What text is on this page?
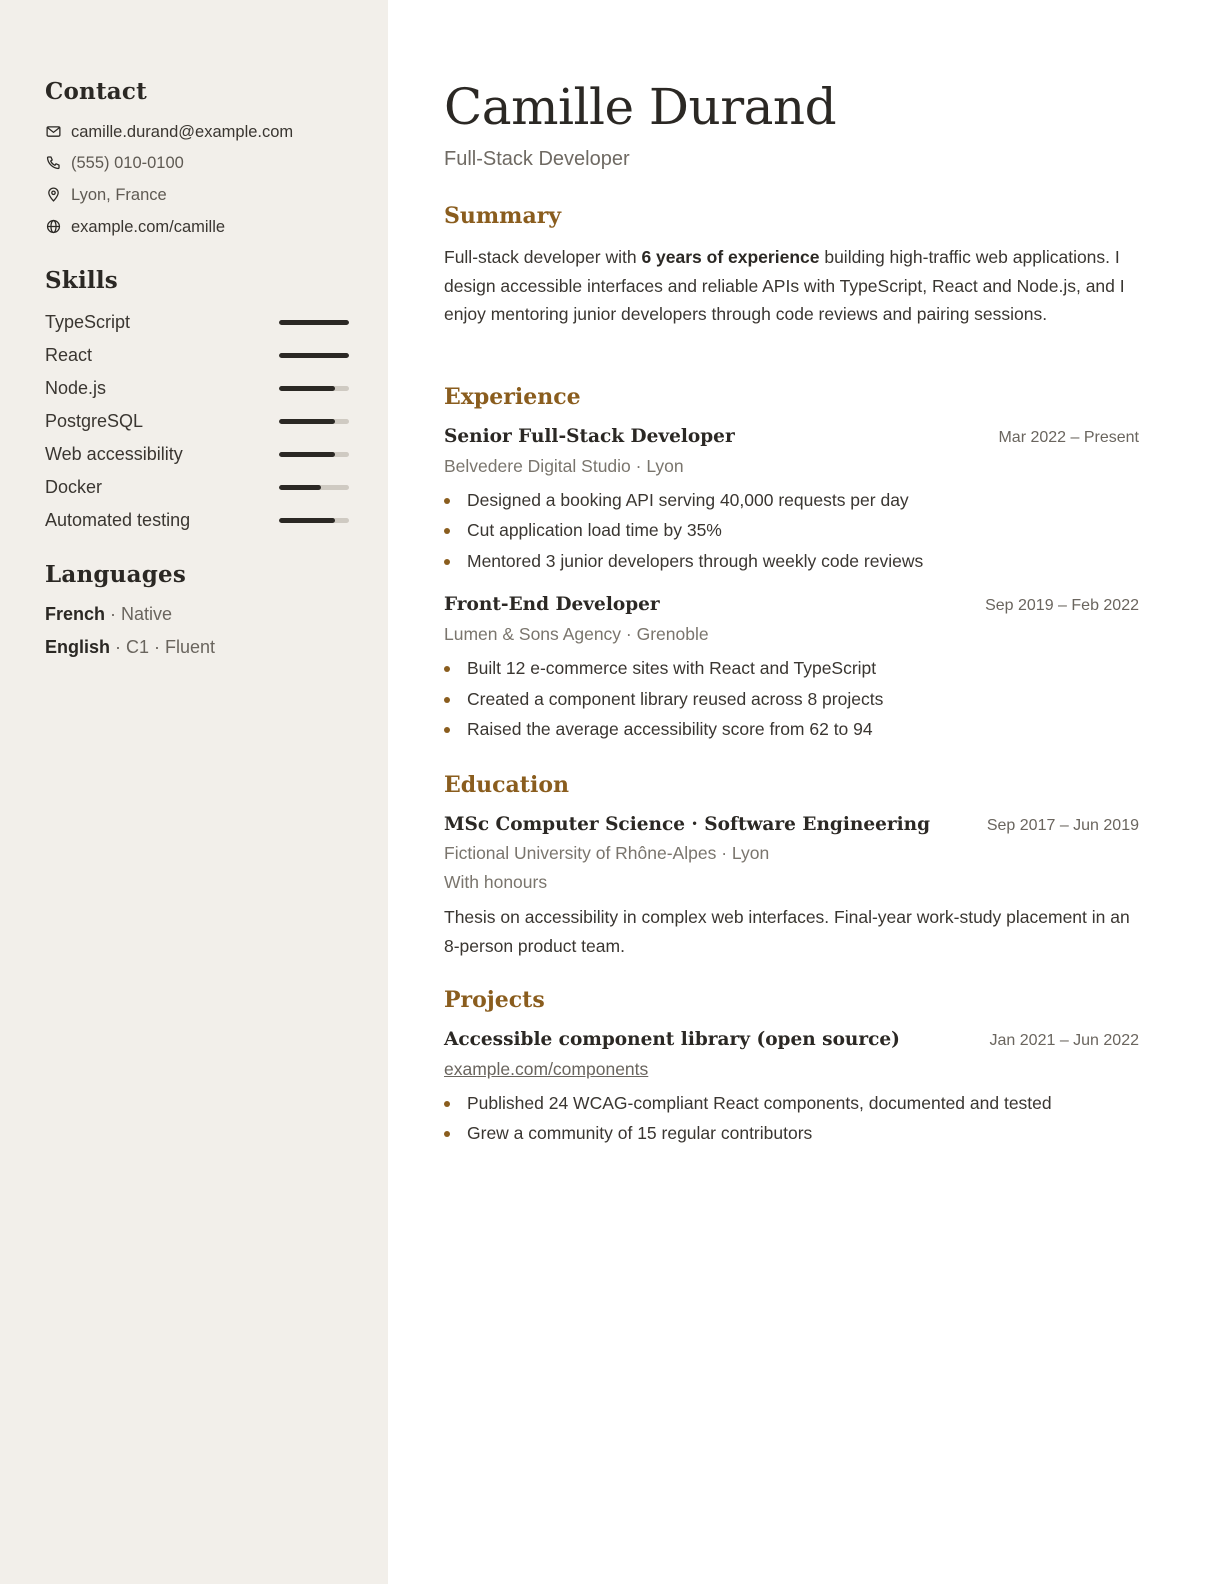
Contact
camille.durand@example.com
(555) 010-0100
Lyon, France
example.com/camille
Skills
TypeScript
React
Node.js
PostgreSQL
Web accessibility
Docker
Automated testing
Languages
French · Native
English · C1 · Fluent
Camille Durand
Full-Stack Developer
Summary

Full-stack developer with 6 years of experience building high-traffic web applications. I design accessible interfaces and reliable APIs with TypeScript, React and Node.js, and I enjoy mentoring junior developers through code reviews and pairing sessions.

Experience
Senior Full-Stack Developer	Mar 2022 – Present
Belvedere Digital Studio · Lyon
Designed a booking API serving 40,000 requests per day
Cut application load time by 35%
Mentored 3 junior developers through weekly code reviews
Front-End Developer	Sep 2019 – Feb 2022
Lumen & Sons Agency · Grenoble
Built 12 e-commerce sites with React and TypeScript
Created a component library reused across 8 projects
Raised the average accessibility score from 62 to 94
Education
MSc Computer Science · Software Engineering	Sep 2017 – Jun 2019
Fictional University of Rhône-Alpes · Lyon
With honours

Thesis on accessibility in complex web interfaces. Final-year work-study placement in an 8-person product team.

Projects
Accessible component library (open source)	Jan 2021 – Jun 2022
example.com/components
Published 24 WCAG-compliant React components, documented and tested
Grew a community of 15 regular contributors
